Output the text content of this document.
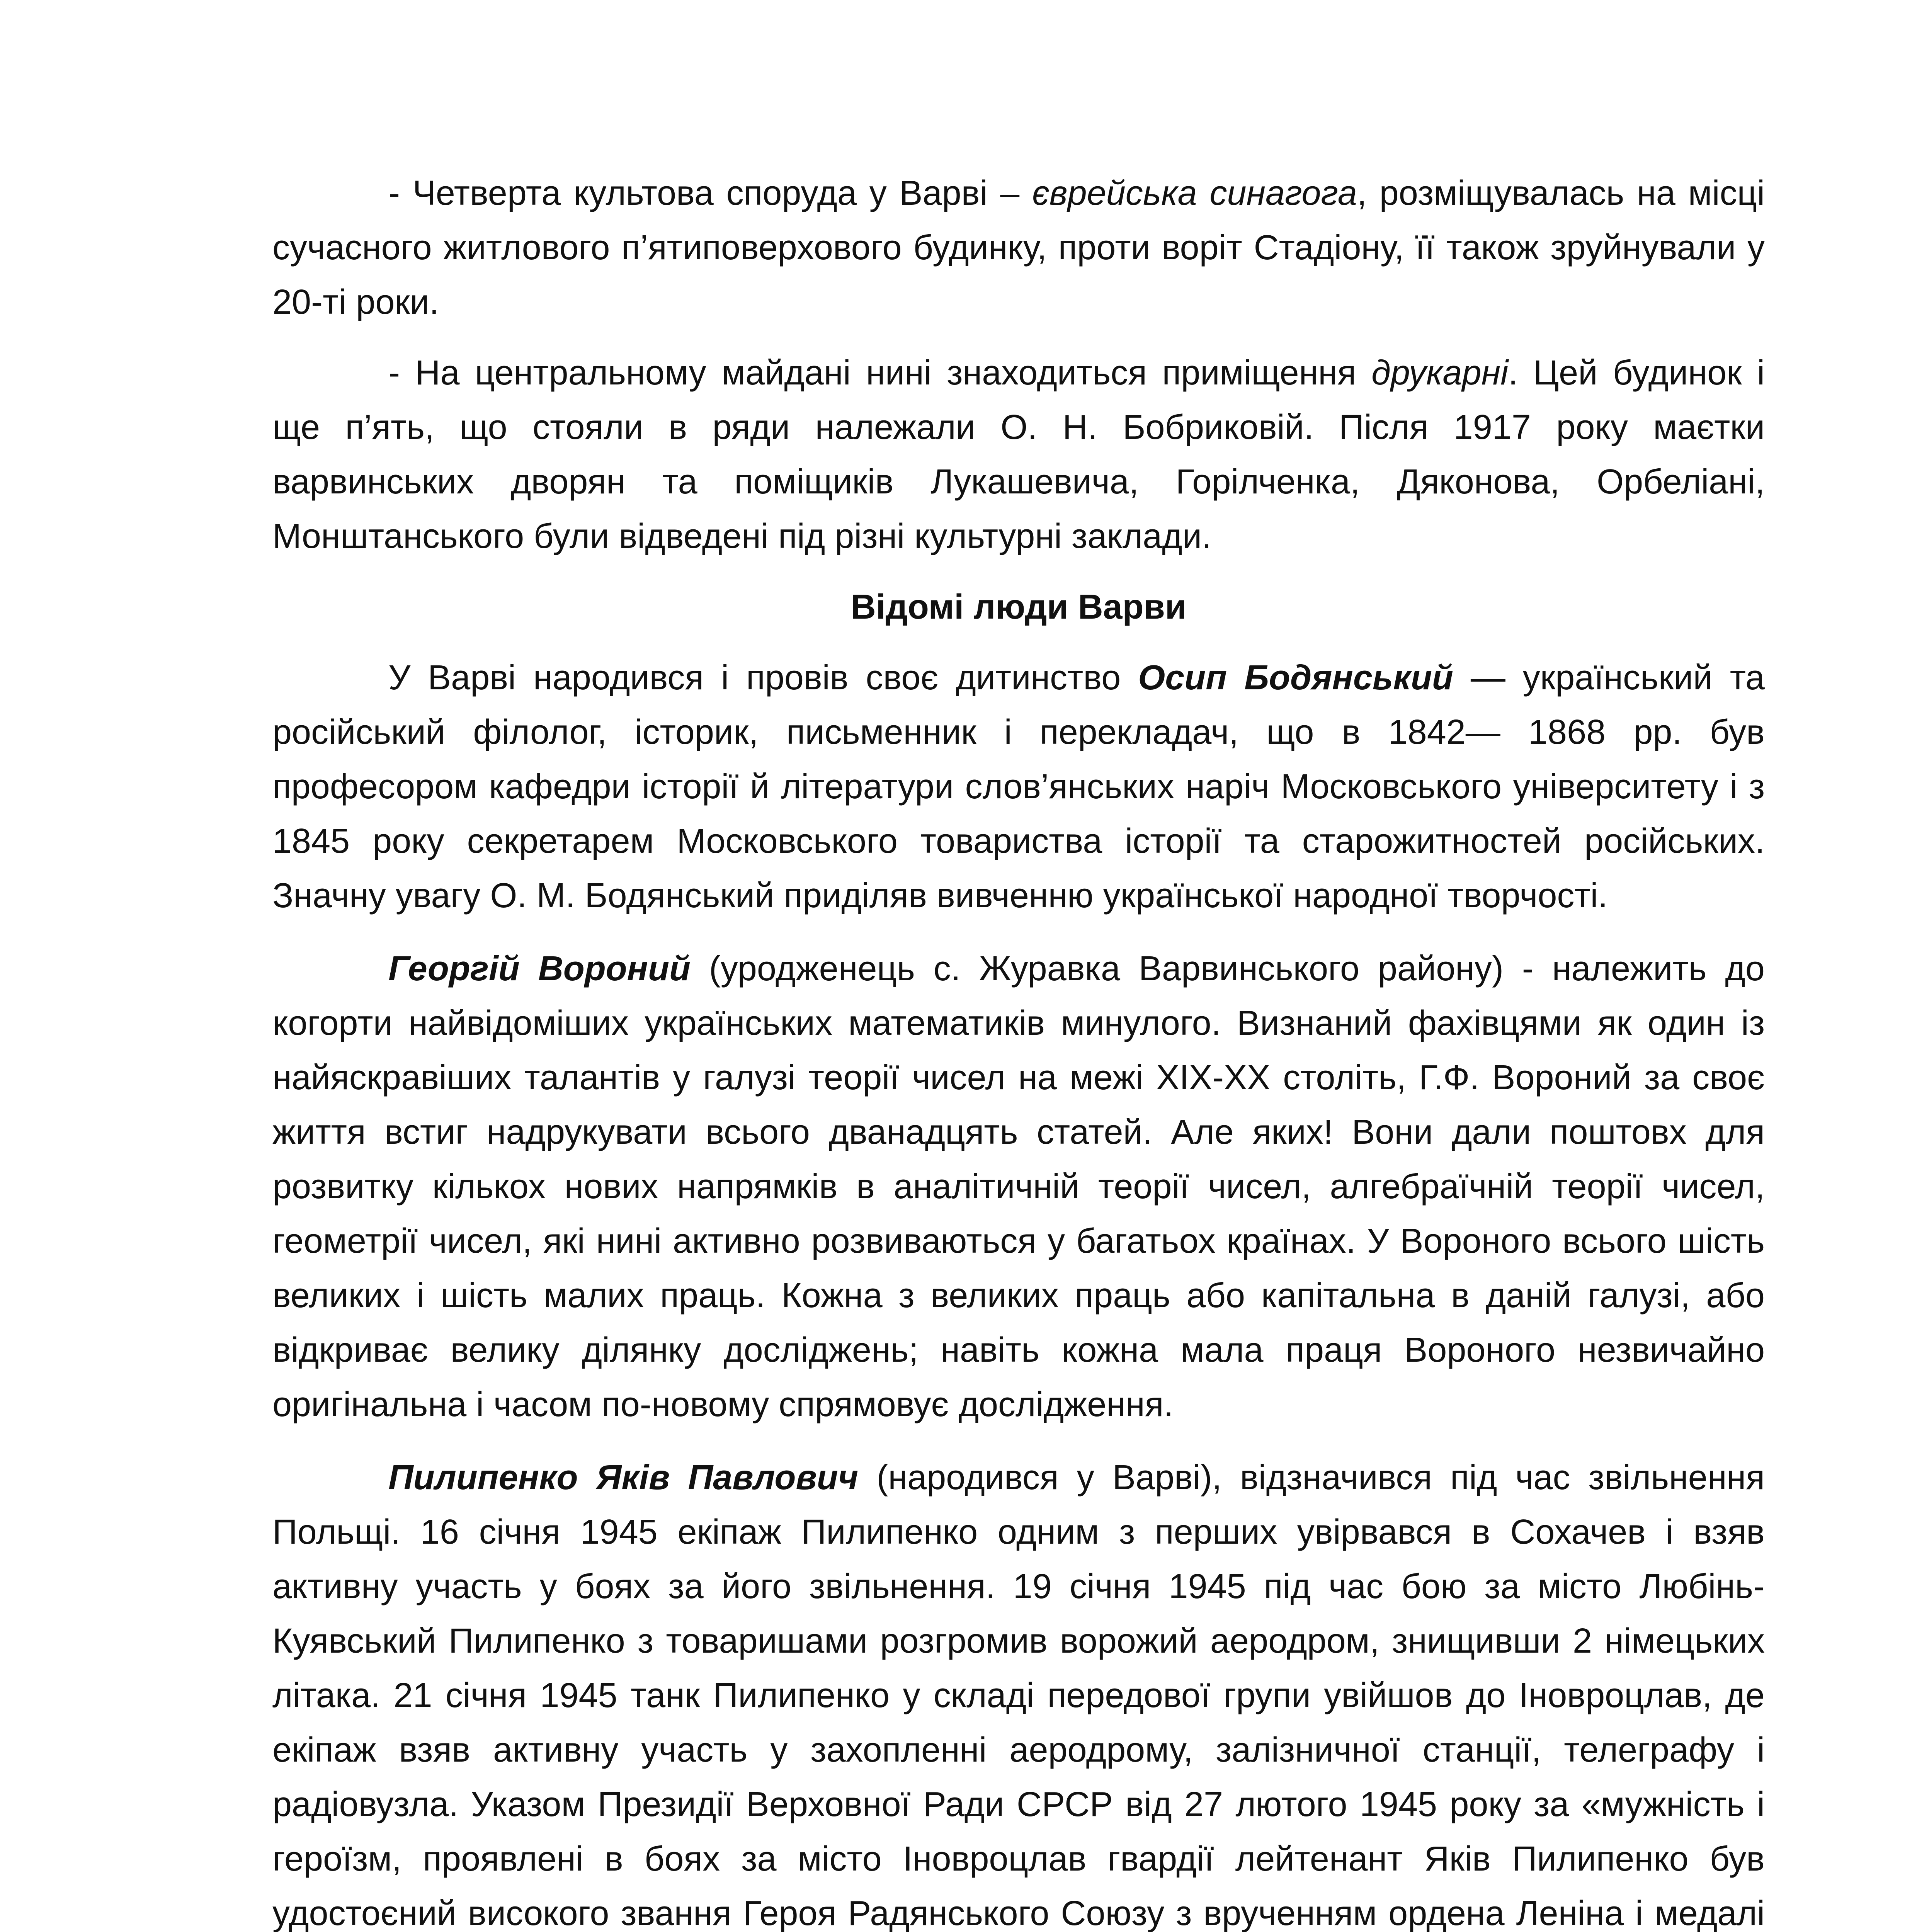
- Четверта культова споруда у Варві – єврейська синагога, розміщувалась на місці сучасного житлового п’ятиповерхового будинку, проти воріт Стадіону, її також зруйнували у 20-ті роки.

- На центральному майдані нині знаходиться приміщення друкарні. Цей будинок і ще п’ять, що стояли в ряди належали О. Н. Бобриковій. Після 1917 року маєтки варвинських дворян та поміщиків Лукашевича, Горілченка, Дяконова, Орбеліані, Монштанського були відведені під різні культурні заклади.

Відомі люди Варви

У Варві народився і провів своє дитинство Осип Бодянський — український та російський філолог, історик, письменник і перекладач, що в 1842— 1868 рр. був професором кафедри історії й літератури слов’янських наріч Московського університету і з 1845 року секретарем Московського товариства історії та старожитностей російських. Значну увагу О. М. Бодянський приділяв вивченню української народної творчості.

Георгій Вороний (уродженець с. Журавка Варвинського району) - належить до когорти найвідоміших українських математиків минулого. Визнаний фахівцями як один із найяскравіших талантів у галузі теорії чисел на межі ХІХ-ХХ століть, Г.Ф. Вороний за своє життя встиг надрукувати всього дванадцять статей. Але яких! Вони дали поштовх для розвитку кількох нових напрямків в аналітичній теорії чисел, алгебраїчній теорії чисел, геометрії чисел, які нині активно розвиваються у багатьох країнах. У Вороного всього шість великих і шість малих праць. Кожна з великих праць або капітальна в даній галузі, або відкриває велику ділянку досліджень; навіть кожна мала праця Вороного незвичайно оригінальна і часом по-новому спрямовує дослідження.

Пилипенко Яків Павлович (народився у Варві), відзначився під час звільнення Польщі. 16 січня 1945 екіпаж Пилипенко одним з перших увірвався в Сохачев і взяв активну участь у боях за його звільнення. 19 січня 1945 під час бою за місто Любінь-Куявський Пилипенко з товаришами розгромив ворожий аеродром, знищивши 2 німецьких літака. 21 січня 1945 танк Пилипенко у складі передової групи увійшов до Іновроцлав, де екіпаж взяв активну участь у захопленні аеродрому, залізничної станції, телеграфу і радіовузла. Указом Президії Верховної Ради СРСР від 27 лютого 1945 року за «мужність і героїзм, проявлені в боях за місто Іновроцлав гвардії лейтенант Яків Пилипенко був удостоєний високого звання Героя Радянського Союзу з врученням ордена Леніна і медалі
